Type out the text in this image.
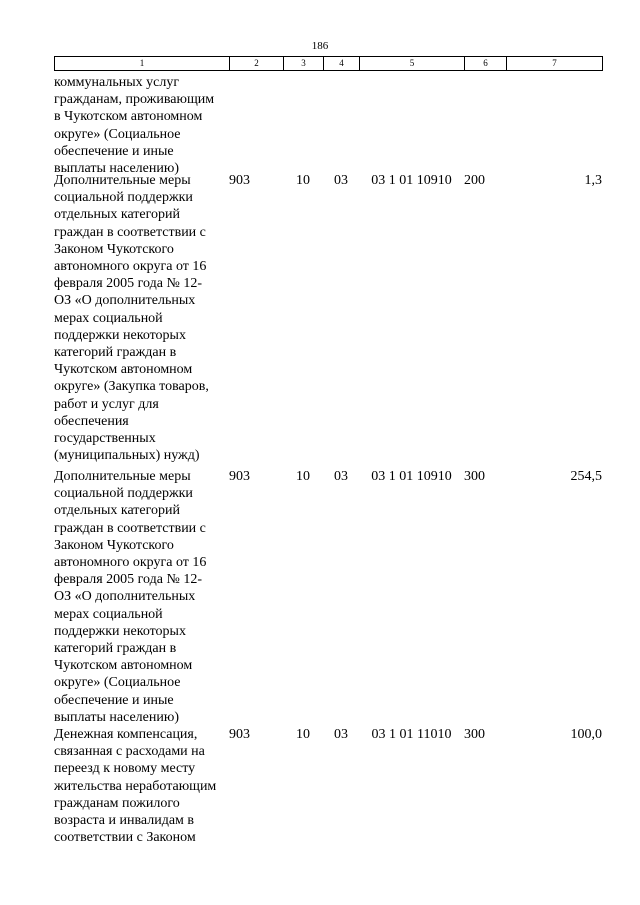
186
1	2	3	4	5	6	7
коммунальных услуг
гражданам, проживающим
в Чукотском автономном
округе» (Социальное
обеспечение и иные
выплаты населению)
Дополнительные меры
социальной поддержки
отдельных категорий
граждан в соответствии с
Законом Чукотского
автономного округа от 16
февраля 2005 года № 12-
ОЗ «О дополнительных
мерах социальной
поддержки некоторых
категорий граждан в
Чукотском автономном
округе» (Закупка товаров,
работ и услуг для
обеспечения
государственных
(муниципальных) нужд)
903	10	03	03 1 01 10910 200	1,3
Дополнительные меры
социальной поддержки
отдельных категорий
граждан в соответствии с
Законом Чукотского
автономного округа от 16
февраля 2005 года № 12-
ОЗ «О дополнительных
мерах социальной
поддержки некоторых
категорий граждан в
Чукотском автономном
округе» (Социальное
обеспечение и иные
выплаты населению)
903	10	03	03 1 01 10910 300	254,5
Денежная компенсация,
связанная с расходами на
переезд к новому месту
жительства неработающим
гражданам пожилого
возраста и инвалидам в
соответствии с Законом
903	10	03	03 1 01 11010 300	100,0
